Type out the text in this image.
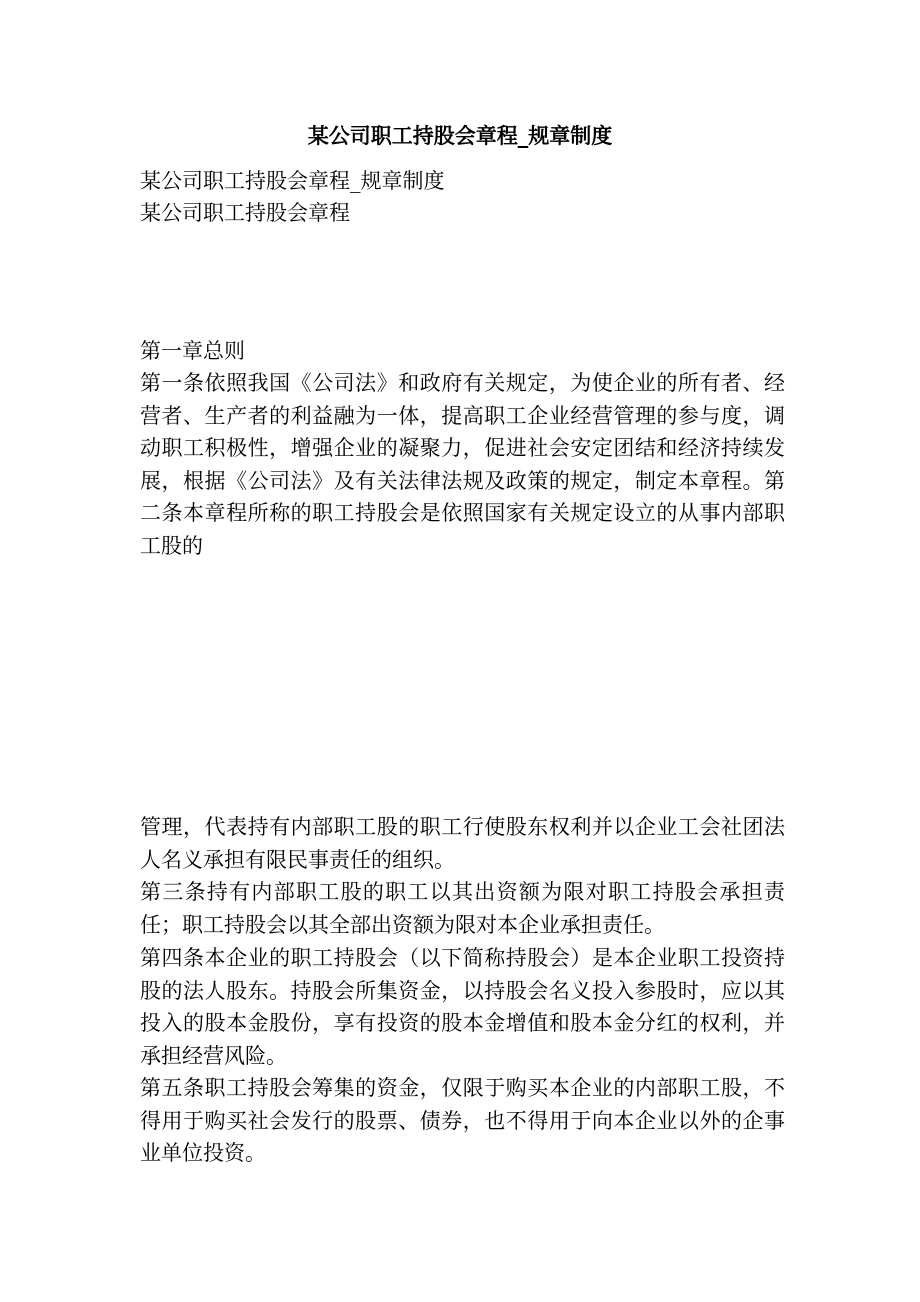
某公司职工持股会章程_规章制度

某公司职工持股会章程_规章制度

某公司职工持股会章程

第一章总则

第一条依照我国《公司法》和政府有关规定，为使企业的所有者、经营者、生产者的利益融为一体，提高职工企业经营管理的参与度，调动职工积极性，增强企业的凝聚力，促进社会安定团结和经济持续发展，根据《公司法》及有关法律法规及政策的规定，制定本章程。第二条本章程所称的职工持股会是依照国家有关规定设立的从事内部职工股的

管理，代表持有内部职工股的职工行使股东权利并以企业工会社团法人名义承担有限民事责任的组织。

第三条持有内部职工股的职工以其出资额为限对职工持股会承担责任；职工持股会以其全部出资额为限对本企业承担责任。

第四条本企业的职工持股会（以下简称持股会）是本企业职工投资持股的法人股东。持股会所集资金，以持股会名义投入参股时，应以其投入的股本金股份，享有投资的股本金增值和股本金分红的权利，并承担经营风险。

第五条职工持股会筹集的资金，仅限于购买本企业的内部职工股，不得用于购买社会发行的股票、债券，也不得用于向本企业以外的企事业单位投资。
